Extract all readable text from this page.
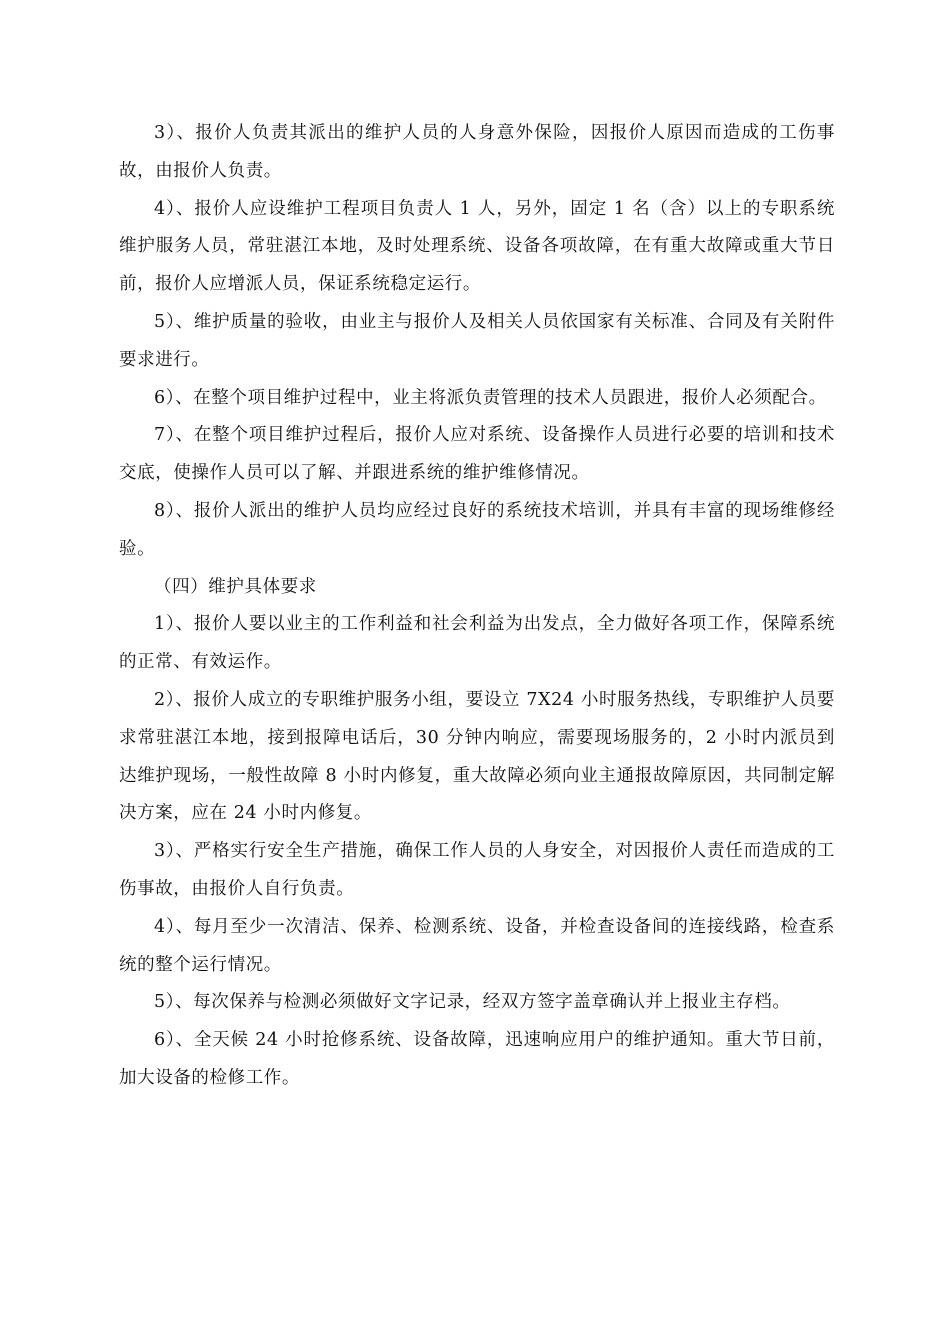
3）、报价人负责其派出的维护人员的人身意外保险，因报价人原因而造成的工伤事故，由报价人负责。

4）、报价人应设维护工程项目负责人 1 人，另外，固定 1 名（含）以上的专职系统维护服务人员，常驻湛江本地，及时处理系统、设备各项故障，在有重大故障或重大节日前，报价人应增派人员，保证系统稳定运行。

5）、维护质量的验收，由业主与报价人及相关人员依国家有关标准、合同及有关附件要求进行。

6）、在整个项目维护过程中，业主将派负责管理的技术人员跟进，报价人必须配合。

7）、在整个项目维护过程后，报价人应对系统、设备操作人员进行必要的培训和技术交底，使操作人员可以了解、并跟进系统的维护维修情况。

8）、报价人派出的维护人员均应经过良好的系统技术培训，并具有丰富的现场维修经验。

（四）维护具体要求

1）、报价人要以业主的工作利益和社会利益为出发点，全力做好各项工作，保障系统的正常、有效运作。

2）、报价人成立的专职维护服务小组，要设立 7X24 小时服务热线，专职维护人员要求常驻湛江本地，接到报障电话后，30 分钟内响应，需要现场服务的，2 小时内派员到达维护现场，一般性故障 8 小时内修复，重大故障必须向业主通报故障原因，共同制定解决方案，应在 24 小时内修复。

3）、严格实行安全生产措施，确保工作人员的人身安全，对因报价人责任而造成的工伤事故，由报价人自行负责。

4）、每月至少一次清洁、保养、检测系统、设备，并检查设备间的连接线路，检查系统的整个运行情况。

5）、每次保养与检测必须做好文字记录，经双方签字盖章确认并上报业主存档。

6）、全天候 24 小时抢修系统、设备故障，迅速响应用户的维护通知。重大节日前，加大设备的检修工作。
